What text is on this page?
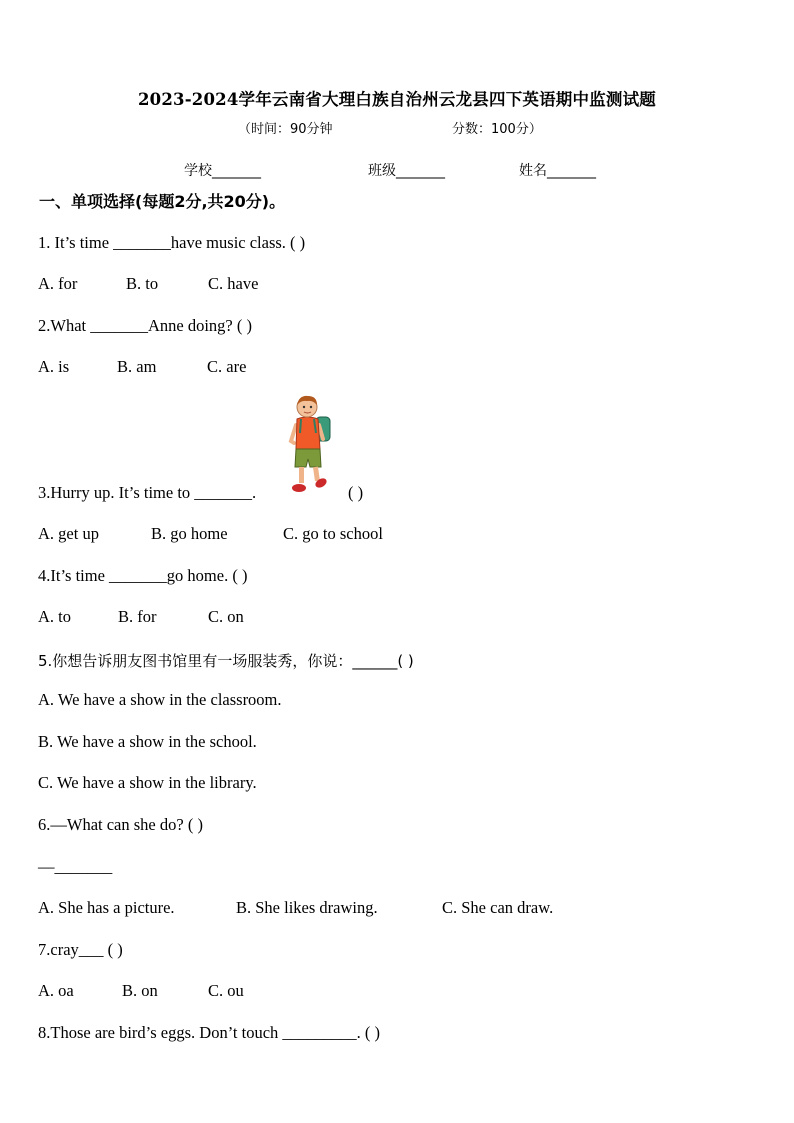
2023-2024学年云南省大理白族自治州云龙县四下英语期中监测试题
（时间：90分钟	分数：100分）
学校_______	班级_______	姓名_______
一、单项选择(每题2分,共20分)。
1. It’s time _______have music class. ( )
A. for	B. to	C. have
2.What _______Anne doing? ( )
A. is	B. am	C. are
3.Hurry up. It’s time to _______.	( )
A. get up	B. go home	C. go to school
4.It’s time _______go home. ( )
A. to	B. for	C. on
5.你想告诉朋友图书馆里有一场服装秀，你说：______( )
A. We have a show in the classroom.
B. We have a show in the school.
C. We have a show in the library.
6.—What can she do? ( )
—_______
A. She has a picture.	B. She likes drawing.	C. She can draw.
7.cray___ ( )
A. oa	B. on	C. ou
8.Those are bird’s eggs. Don’t touch _________. ( )
